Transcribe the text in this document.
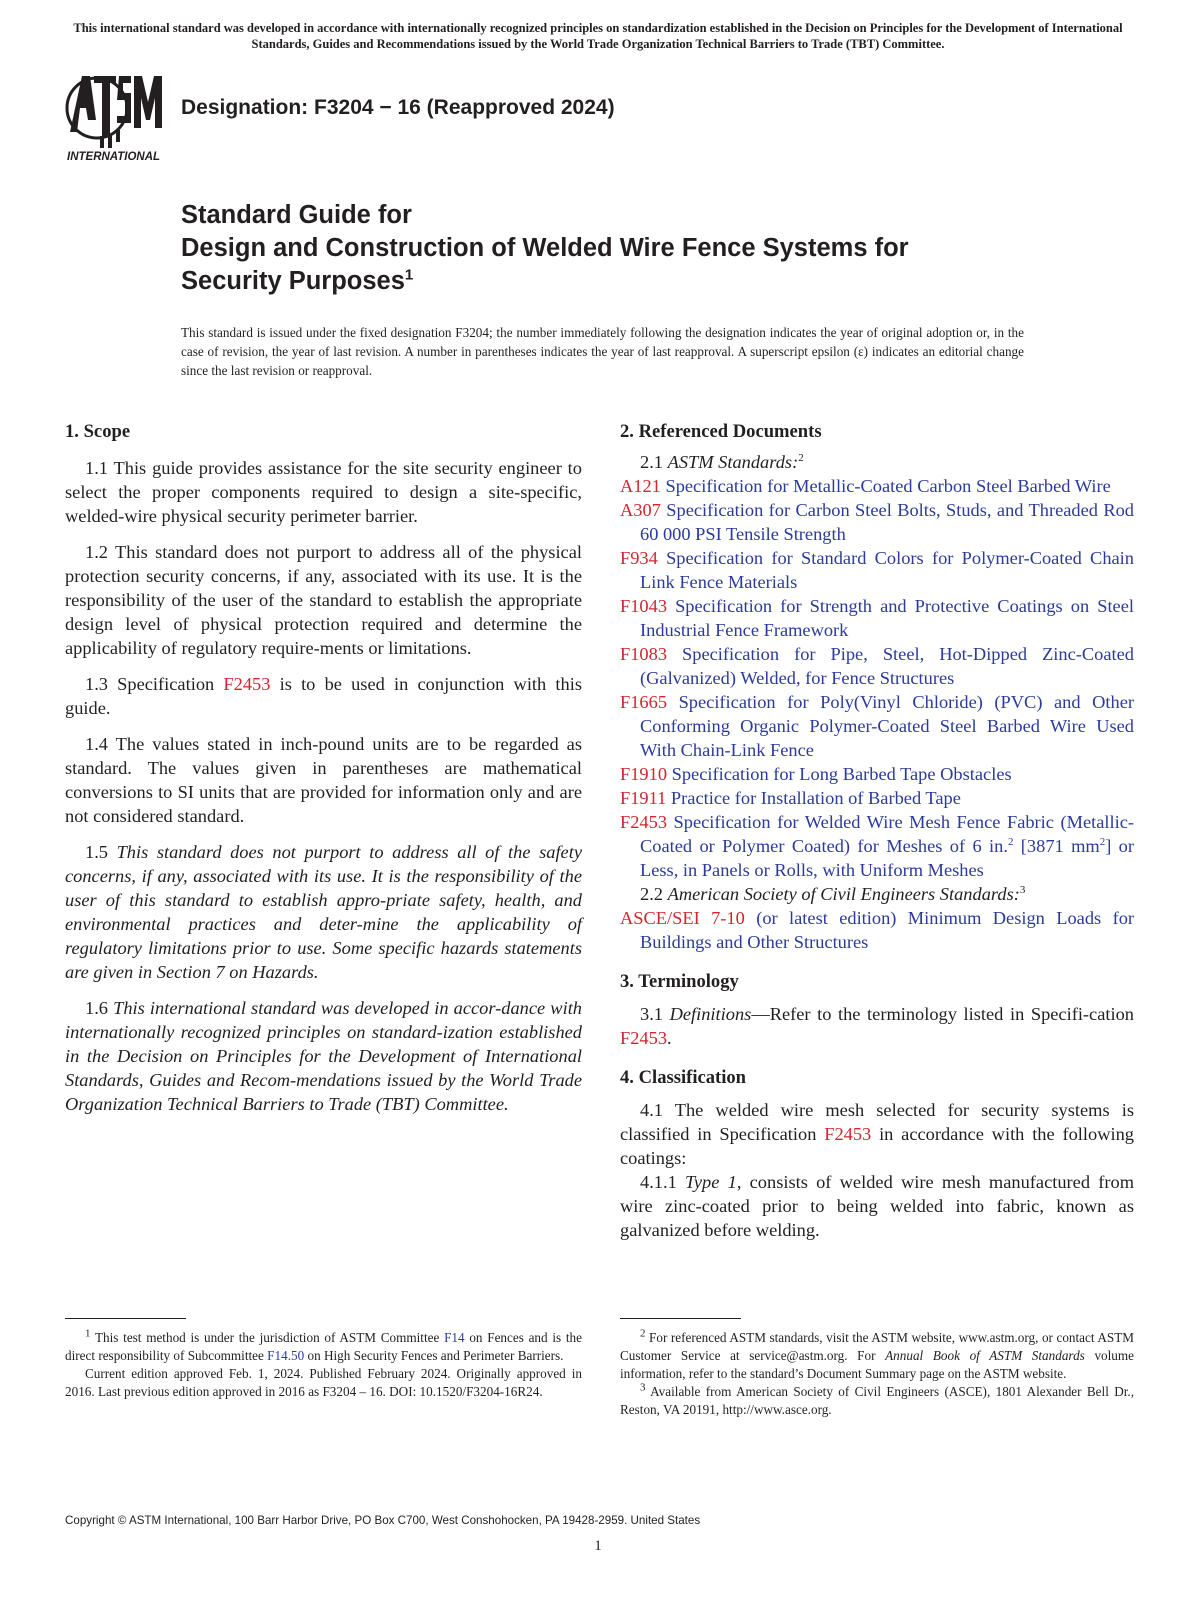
This international standard was developed in accordance with internationally recognized principles on standardization established in the Decision on Principles for the Development of International Standards, Guides and Recommendations issued by the World Trade Organization Technical Barriers to Trade (TBT) Committee.
INTERNATIONAL
Designation: F3204 − 16 (Reapproved 2024)
Standard Guide for
Design and Construction of Welded Wire Fence Systems for
Security Purposes$^1$
This standard is issued under the fixed designation F3204; the number immediately following the designation indicates the year of original adoption or, in the case of revision, the year of last revision. A number in parentheses indicates the year of last reapproval. A superscript epsilon (ε) indicates an editorial change since the last revision or reapproval.
1. Scope

1.1 This guide provides assistance for the site security engineer to select the proper components required to design a site-specific, welded-wire physical security perimeter barrier.

1.2 This standard does not purport to address all of the physical protection security concerns, if any, associated with its use. It is the responsibility of the user of the standard to establish the appropriate design level of physical protection required and determine the applicability of regulatory require-ments or limitations.

1.3 Specification F2453 is to be used in conjunction with this guide.

1.4 The values stated in inch-pound units are to be regarded as standard. The values given in parentheses are mathematical conversions to SI units that are provided for information only and are not considered standard.

1.5 This standard does not purport to address all of the safety concerns, if any, associated with its use. It is the responsibility of the user of this standard to establish appro-priate safety, health, and environmental practices and deter-mine the applicability of regulatory limitations prior to use. Some specific hazards statements are given in Section 7 on Hazards.

1.6 This international standard was developed in accor-dance with internationally recognized principles on standard-ization established in the Decision on Principles for the Development of International Standards, Guides and Recom-mendations issued by the World Trade Organization Technical Barriers to Trade (TBT) Committee.

2. Referenced Documents

2.1 ASTM Standards:$^2$

A121 Specification for Metallic-Coated Carbon Steel Barbed Wire

A307 Specification for Carbon Steel Bolts, Studs, and Threaded Rod 60 000 PSI Tensile Strength

F934 Specification for Standard Colors for Polymer-Coated Chain Link Fence Materials

F1043 Specification for Strength and Protective Coatings on Steel Industrial Fence Framework

F1083 Specification for Pipe, Steel, Hot-Dipped Zinc-Coated (Galvanized) Welded, for Fence Structures

F1665 Specification for Poly(Vinyl Chloride) (PVC) and Other Conforming Organic Polymer-Coated Steel Barbed Wire Used With Chain-Link Fence

F1910 Specification for Long Barbed Tape Obstacles

F1911 Practice for Installation of Barbed Tape

F2453 Specification for Welded Wire Mesh Fence Fabric (Metallic-Coated or Polymer Coated) for Meshes of 6 in.$^2$ [3871 $mm^2$] or Less, in Panels or Rolls, with Uniform Meshes

2.2 American Society of Civil Engineers Standards:$^3$

ASCE/SEI 7-10 (or latest edition) Minimum Design Loads for Buildings and Other Structures

3. Terminology

3.1 Definitions—Refer to the terminology listed in Specifi-cation F2453.

4. Classification

4.1 The welded wire mesh selected for security systems is classified in Specification F2453 in accordance with the following coatings:

4.1.1 Type 1, consists of welded wire mesh manufactured from wire zinc-coated prior to being welded into fabric, known as galvanized before welding.

$^1$ This test method is under the jurisdiction of ASTM Committee F14 on Fences and is the direct responsibility of Subcommittee F14.50 on High Security Fences and Perimeter Barriers.

Current edition approved Feb. 1, 2024. Published February 2024. Originally approved in 2016. Last previous edition approved in 2016 as F3204 – 16. DOI: 10.1520/F3204-16R24.

$^2$ For referenced ASTM standards, visit the ASTM website, www.astm.org, or contact ASTM Customer Service at service@astm.org. For Annual Book of ASTM Standards volume information, refer to the standard’s Document Summary page on the ASTM website.

$^3$ Available from American Society of Civil Engineers (ASCE), 1801 Alexander Bell Dr., Reston, VA 20191, http://www.asce.org.

Copyright © ASTM International, 100 Barr Harbor Drive, PO Box C700, West Conshohocken, PA 19428-2959. United States
1
